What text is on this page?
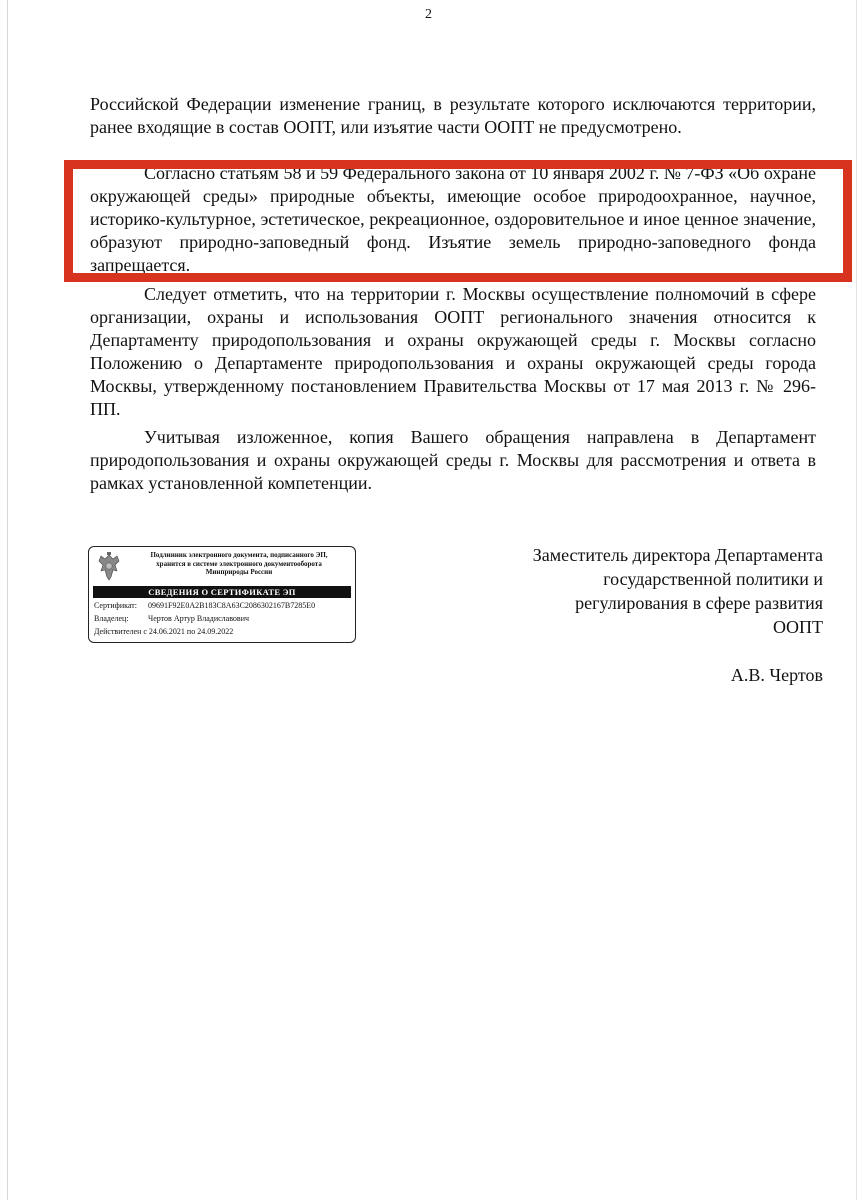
2

Российской Федерации изменение границ, в результате которого исключаются территории, ранее входящие в состав ООПТ, или изъятие части ООПТ не предусмотрено.

Согласно статьям 58 и 59 Федерального закона от 10 января 2002 г. № 7-ФЗ «Об охране окружающей среды» природные объекты, имеющие особое природоохранное, научное, историко-культурное, эстетическое, рекреационное, оздоровительное и иное ценное значение, образуют природно-заповедный фонд. Изъятие земель природно-заповедного фонда запрещается.

Следует отметить, что на территории г. Москвы осуществление полномочий в сфере организации, охраны и использования ООПТ регионального значения относится к Департаменту природопользования и охраны окружающей среды г. Москвы согласно Положению о Департаменте природопользования и охраны окружающей среды города Москвы, утвержденному постановлением Правительства Москвы от 17 мая 2013 г. № 296-ПП.

Учитывая изложенное, копия Вашего обращения направлена в Департамент природопользования и охраны окружающей среды г. Москвы для рассмотрения и ответа в рамках установленной компетенции.

Подлинник электронного документа, подписанного ЭП,
хранится в системе электронного документооборота
Минприроды России
СВЕДЕНИЯ О СЕРТИФИКАТЕ ЭП
Сертификат: 09691F92E0A2B183C8A63C2086302167B7285E0
Владелец: Чертов Артур Владиславович
Действителен с 24.06.2021 по 24.09.2022
Заместитель директора Департамента
государственной политики и
регулирования в сфере развития
ООПТ
А.В. Чертов
